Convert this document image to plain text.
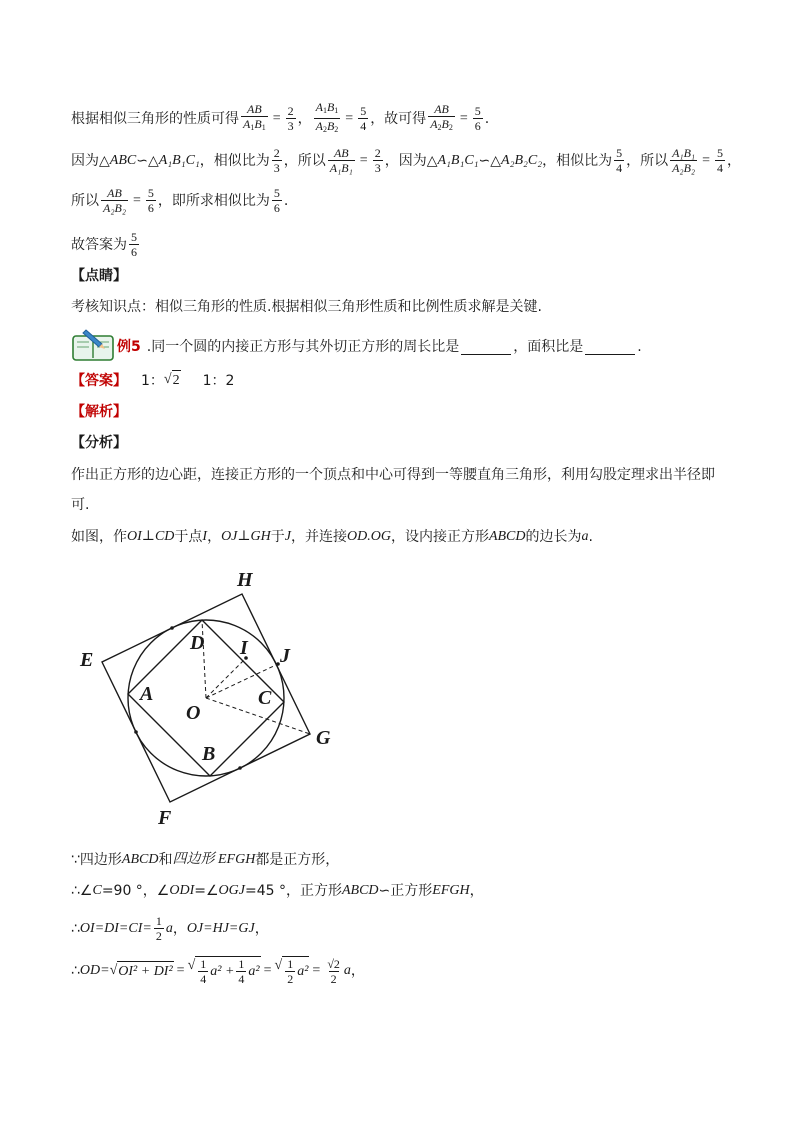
根据相似三角形的性质可得 $\frac{AB}{A_1B_1} = \frac{2}{3}$ ， $\frac{A_1B_1}{A_2B_2} = \frac{5}{4}$ ，故可得 $\frac{AB}{A_2B_2} = \frac{5}{6}$ .
因为△ ABC ∽△ A₁B₁C₁ ，相似比为 $\frac{2}{3}$ ，所以 $\frac{AB}{\text{A₁B₁}} = \frac{2}{3}$ ，因为△ A₁B₁C₁ ∽△ A₂B₂C₂ ，相似比为 $\frac{5}{4}$ ，所以 $\frac{\text{A₁B₁}}{\text{A₂B₂}} = \frac{5}{4}$ ，
所以 $\frac{AB}{\text{A₂B₂}} = \frac{5}{6}$ ，即所求相似比为 $\frac{5}{6}$ .
故答案为 $\frac{5}{6}$
【点睛】
考核知识点：相似三角形的性质.根据相似三角形性质和比例性质求解是关键.
例5 .同一个圆的内接正方形与其外切正方形的周长比是	，面积比是	.
【答案】 1： √ 2 1：2
【解析】
【分析】
作出正方形的边心距，连接正方形的一个顶点和中心可得到一等腰直角三角形，利用勾股定理求出半径即
可.
如图，作 OI⊥CD 于点 I ， OJ⊥GH 于 J ，并连接 OD.OG ，设内接正方形 ABCD 的边长为 a .
H
E
D I J
A
O
C
G
B
F
∵四边形 ABCD 和 四边形 EFGH 都是正方形，
∴∠ C =90 °，∠ ODI =∠ OGJ =45 °，正方形 ABCD ∽正方形 EFGH ，
∴ $OI=DI=CI= \frac{1}{2}$ a ， OJ=HJ=GJ ，
∴ OD= √ OI² + DI² = √ $\frac{1}{4} a^2 + \frac{1}{4} a^2$ = √ $\frac{1}{2} a^2 = \frac{√2}{2}$ a ，
